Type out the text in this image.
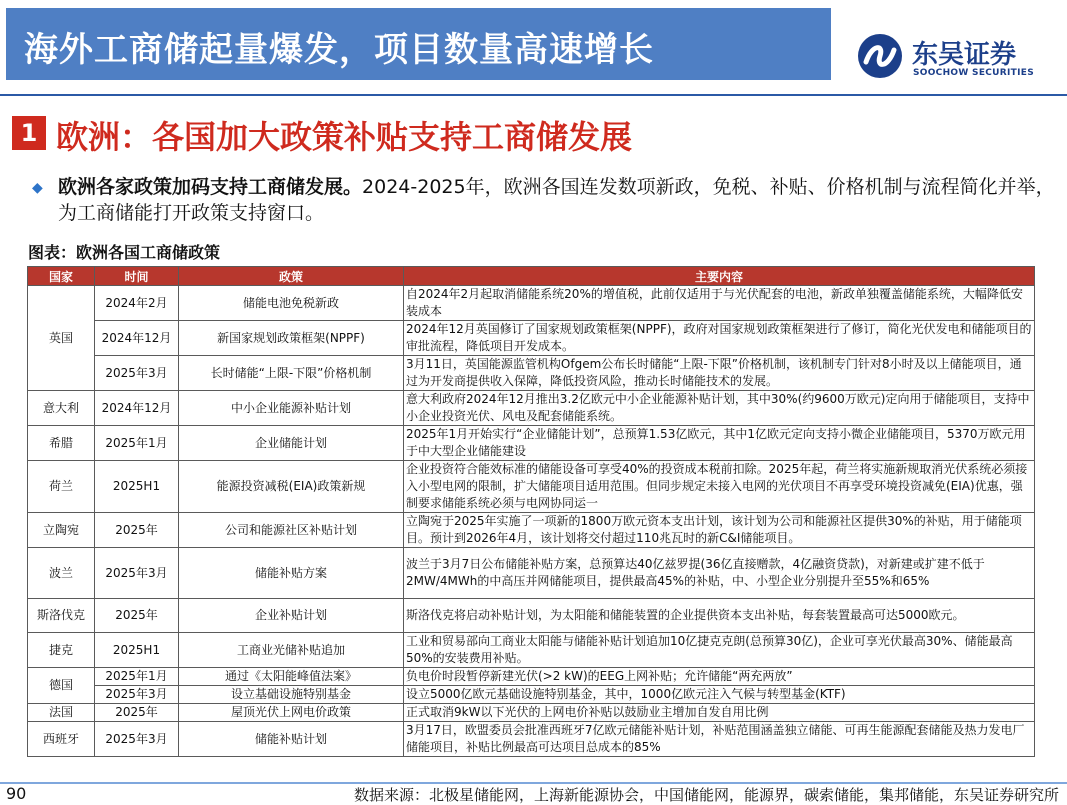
海外工商储起量爆发，项目数量高速增长	东吴证券
SOOCHOW SECURITIES
1 欧洲：各国加大政策补贴支持工商储发展
◆ 欧洲各家政策加码支持工商储发展。2024-2025年，欧洲各国连发数项新政，免税、补贴、价格机制与流程简化并举，为工商储能打开政策支持窗口。
图表：欧洲各国工商储政策
国家	时间	政策	主要内容
英国	2024年2月	储能电池免税新政	自2024年2月起取消储能系统20%的增值税，此前仅适用于与光伏配套的电池，新政单独覆盖储能系统，大幅降低安装成本
	2024年12月	新国家规划政策框架(NPPF)	2024年12月英国修订了国家规划政策框架(NPPF)，政府对国家规划政策框架进行了修订，简化光伏发电和储能项目的审批流程，降低项目开发成本。
	2025年3月	长时储能“上限-下限”价格机制	3月11日，英国能源监管机构Ofgem公布长时储能“上限-下限”价格机制，该机制专门针对8小时及以上储能项目，通过为开发商提供收入保障，降低投资风险，推动长时储能技术的发展。
意大利	2024年12月	中小企业能源补贴计划	意大利政府2024年12月推出3.2亿欧元中小企业能源补贴计划，其中30%(约9600万欧元)定向用于储能项目，支持中小企业投资光伏、风电及配套储能系统。
希腊	2025年1月	企业储能计划	2025年1月开始实行“企业储能计划”，总预算1.53亿欧元，其中1亿欧元定向支持小微企业储能项目，5370万欧元用于中大型企业储能建设
荷兰	2025H1	能源投资减税(EIA)政策新规	企业投资符合能效标准的储能设备可享受40%的投资成本税前扣除。2025年起，荷兰将实施新规取消光伏系统必须接入小型电网的限制，扩大储能项目适用范围。但同步规定未接入电网的光伏项目不再享受环境投资减免(EIA)优惠，强制要求储能系统必须与电网协同运一
立陶宛	2025年	公司和能源社区补贴计划	立陶宛于2025年实施了一项新的1800万欧元资本支出计划，该计划为公司和能源社区提供30%的补贴，用于储能项目。预计到2026年4月，该计划将交付超过110兆瓦时的新C&I储能项目。
波兰	2025年3月	储能补贴方案	波兰于3月7日公布储能补贴方案，总预算达40亿兹罗提(36亿直接赠款，4亿融资贷款)，对新建或扩建不低于2MW/4MWh的中高压并网储能项目，提供最高45%的补贴，中、小型企业分别提升至55%和65%
斯洛伐克	2025年	企业补贴计划	斯洛伐克将启动补贴计划，为太阳能和储能装置的企业提供资本支出补贴，每套装置最高可达5000欧元。
捷克	2025H1	工商业光储补贴追加	工业和贸易部向工商业太阳能与储能补贴计划追加10亿捷克克朗(总预算30亿)，企业可享光伏最高30%、储能最高50%的安装费用补贴。
德国	2025年1月	通过《太阳能峰值法案》	负电价时段暂停新建光伏(>2 kW)的EEG上网补贴；允许储能“两充两放”
	2025年3月	设立基础设施特别基金	设立5000亿欧元基础设施特别基金，其中，1000亿欧元注入气候与转型基金(KTF)
法国	2025年	屋顶光伏上网电价政策	正式取消9kW以下光伏的上网电价补贴以鼓励业主增加自发自用比例
西班牙	2025年3月	储能补贴计划	3月17日，欧盟委员会批准西班牙7亿欧元储能补贴计划，补贴范围涵盖独立储能、可再生能源配套储能及热力发电厂储能项目，补贴比例最高可达项目总成本的85%
90	数据来源：北极星储能网，上海新能源协会，中国储能网，能源界，碳索储能，集邦储能，东吴证券研究所
